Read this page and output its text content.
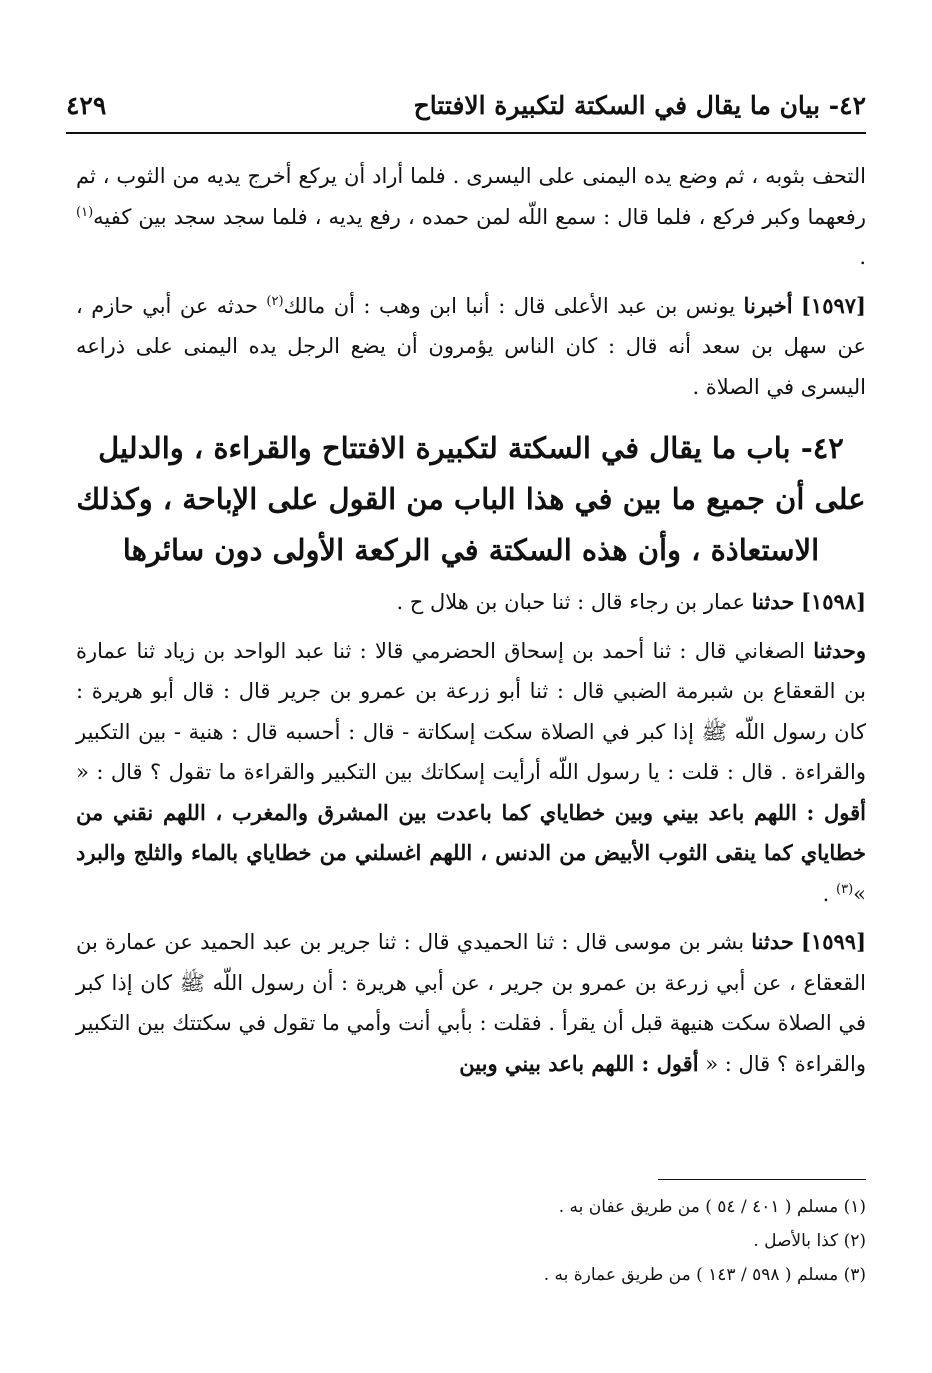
٤٢٩	٤٢- بيان ما يقال في السكتة لتكبيرة الافتتاح

التحف بثوبه ، ثم وضع يده اليمنى على اليسرى . فلما أراد أن يركع أخرج يديه من الثوب ، ثم رفعهما وكبر فركع ، فلما قال : سمع اللّه لمن حمده ، رفع يديه ، فلما سجد سجد بين كفيه$^{(١)}$ .

[١٥٩٧] أخبرنا يونس بن عبد الأعلى قال : أنبا ابن وهب : أن مالك$^{(٢)}$ حدثه عن أبي حازم ، عن سهل بن سعد أنه قال : كان الناس يؤمرون أن يضع الرجل يده اليمنى على ذراعه اليسرى في الصلاة .

٤٢- باب ما يقال في السكتة لتكبيرة الافتتاح والقراءة ، والدليل على أن جميع ما بين في هذا الباب من القول على الإباحة ، وكذلك الاستعاذة ، وأن هذه السكتة في الركعة الأولى دون سائرها

[١٥٩٨] حدثنا عمار بن رجاء قال : ثنا حبان بن هلال ح .

وحدثنا الصغاني قال : ثنا أحمد بن إسحاق الحضرمي قالا : ثنا عبد الواحد بن زياد ثنا عمارة بن القعقاع بن شبرمة الضبي قال : ثنا أبو زرعة بن عمرو بن جرير قال : قال أبو هريرة : كان رسول اللّه ﷺ إذا كبر في الصلاة سكت إسكاتة - قال : أحسبه قال : هنية - بين التكبير والقراءة . قال : قلت : يا رسول اللّه أرأيت إسكاتك بين التكبير والقراءة ما تقول ؟ قال : « أقول : اللهم باعد بيني وبين خطاياي كما باعدت بين المشرق والمغرب ، اللهم نقني من خطاياي كما ينقى الثوب الأبيض من الدنس ، اللهم اغسلني من خطاياي بالماء والثلج والبرد »$^{(٣)}$ .

[١٥٩٩] حدثنا بشر بن موسى قال : ثنا الحميدي قال : ثنا جرير بن عبد الحميد عن عمارة بن القعقاع ، عن أبي زرعة بن عمرو بن جرير ، عن أبي هريرة : أن رسول اللّه ﷺ كان إذا كبر في الصلاة سكت هنيهة قبل أن يقرأ . فقلت : بأبي أنت وأمي ما تقول في سكتتك بين التكبير والقراءة ؟ قال : « أقول : اللهم باعد بيني وبين

(١) مسلم ( ٤٠١ / ٥٤ ) من طريق عفان به .

(٢) كذا بالأصل .

(٣) مسلم ( ٥٩٨ / ١٤٣ ) من طريق عمارة به .
